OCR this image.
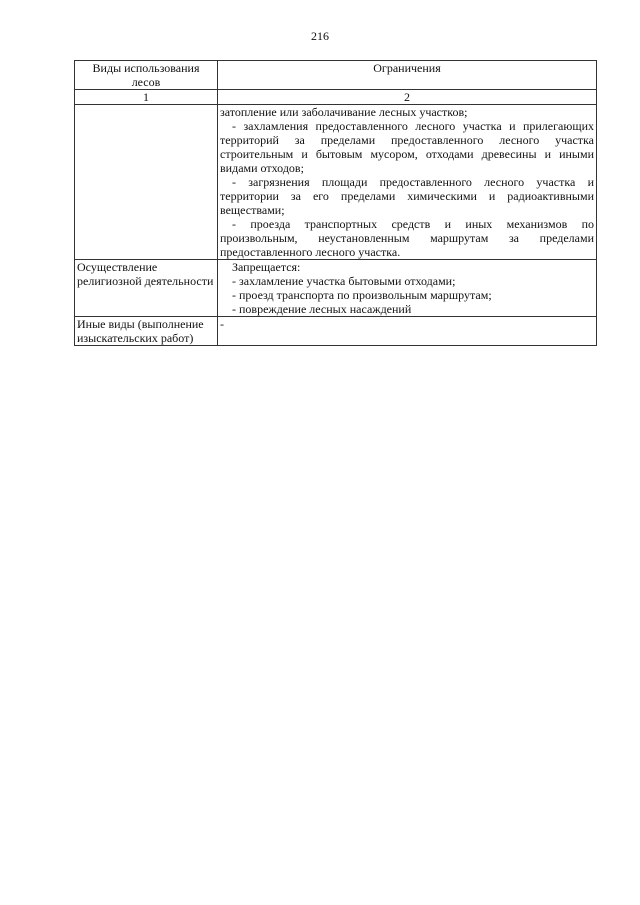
216
Виды использования лесов	Ограничения
1	2

	затопление или заболачивание лесных участков;

- захламления предоставленного лесного участка и прилегающих территорий за пределами предоставленного лесного участка строительным и бытовым мусором, отходами древесины и иными видами отходов;

- загрязнения площади предоставленного лесного участка и территории за его пределами химическими и радиоактивными веществами;

- проезда транспортных средств и иных механизмов по произвольным, неустановленным маршрутам за пределами предоставленного лесного участка.

Осуществление религиозной деятельности	Запрещается:

- захламление участка бытовыми отходами;

- проезд транспорта по произвольным маршрутам;

- повреждение лесных насаждений

Иные виды (выполнение изыскательских работ)	-
